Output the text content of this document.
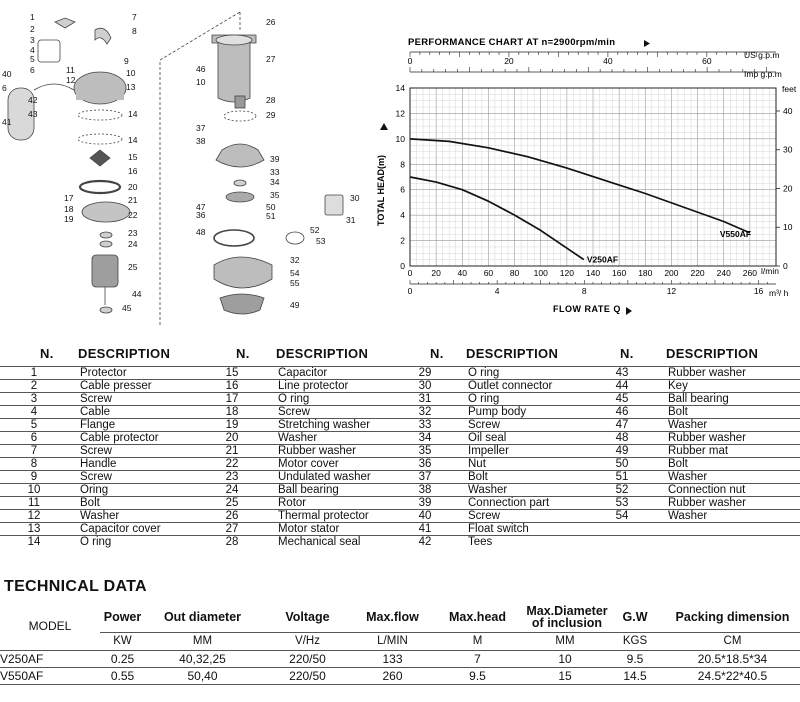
1
2
3
4
5
6
7
8
9
10
11
12
13
14
14
15
16
17
18
19
20
21
22
23
24
25
26
27
28
29
30
31
32
33
34
35
36
37
38
39
40
41
42
43
44
45
46
47
48
49
50
51
52
53
54
55
6
10
PERFORMANCE CHART AT n=2900rpm/min
0
2
4
6
8
10
12
14
0
10
20
30
40
0 20 40 60 80 100 120 140 160 180 200 220 240 260
0	4	8	12	16
0	20	40	60
V250AF
V550AF
TOTAL HEAD(m)
feet
US g.p.m
Imp g.p.m
l/min
m³/ h
FLOW RATE Q
N.	DESCRIPTION	N.	DESCRIPTION	N.	DESCRIPTION	N.	DESCRIPTION
1	Protector	15	Capacitor	29	O ring	43	Rubber washer
2	Cable presser	16	Line protector	30	Outlet connector	44	Key
3	Screw	17	O ring	31	O ring	45	Ball bearing
4	Cable	18	Screw	32	Pump body	46	Bolt
5	Flange	19	Stretching washer	33	Screw	47	Washer
6	Cable protector	20	Washer	34	Oil seal	48	Rubber washer
7	Screw	21	Rubber washer	35	Impeller	49	Rubber mat
8	Handle	22	Motor cover	36	Nut	50	Bolt
9	Screw	23	Undulated washer	37	Bolt	51	Washer
10	Oring	24	Ball bearing	38	Washer	52	Connection nut
11	Bolt	25	Rotor	39	Connection part	53	Rubber washer
12	Washer	26	Thermal protector	40	Screw	54	Washer
13	Capacitor cover	27	Motor stator	41	Float switch		
14	O ring	28	Mechanical seal	42	Tees		
TECHNICAL DATA
MODEL	Power	Out diameter	Voltage	Max.flow	Max.head	Max.Diameter of inclusion	G.W	Packing dimension
	KW	MM	V/Hz	L/MIN	M	MM	KGS	CM
V250AF	0.25	40,32,25	220/50	133	7	10	9.5	20.5*18.5*34
V550AF	0.55	50,40	220/50	260	9.5	15	14.5	24.5*22*40.5
